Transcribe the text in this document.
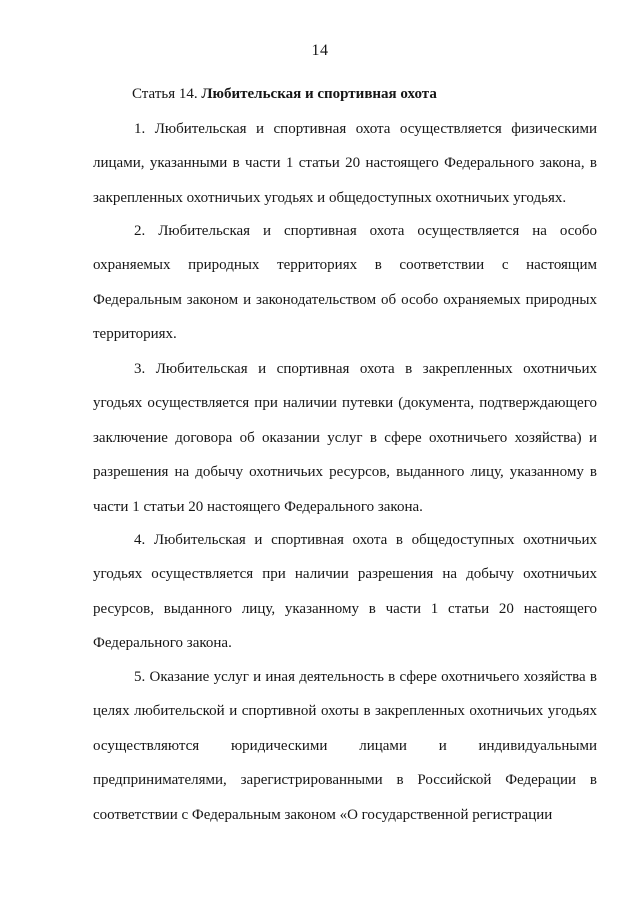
14
Статья 14. Любительская и спортивная охота

1. Любительская и спортивная охота осуществляется физическими лицами, указанными в части 1 статьи 20 настоящего Федерального закона, в закрепленных охотничьих угодьях и общедоступных охотничьих угодьях.

2. Любительская и спортивная охота осуществляется на особо охраняемых природных территориях в соответствии с настоящим Федеральным законом и законодательством об особо охраняемых природных территориях.

3. Любительская и спортивная охота в закрепленных охотничьих угодьях осуществляется при наличии путевки (документа, подтверждающего заключение договора об оказании услуг в сфере охотничьего хозяйства) и разрешения на добычу охотничьих ресурсов, выданного лицу, указанному в части 1 статьи 20 настоящего Федерального закона.

4. Любительская и спортивная охота в общедоступных охотничьих угодьях осуществляется при наличии разрешения на добычу охотничьих ресурсов, выданного лицу, указанному в части 1 статьи 20 настоящего Федерального закона.

5. Оказание услуг и иная деятельность в сфере охотничьего хозяйства в целях любительской и спортивной охоты в закрепленных охотничьих угодьях осуществляются юридическими лицами и индивидуальными предпринимателями, зарегистрированными в Российской Федерации в соответствии с Федеральным законом «О государственной регистрации
